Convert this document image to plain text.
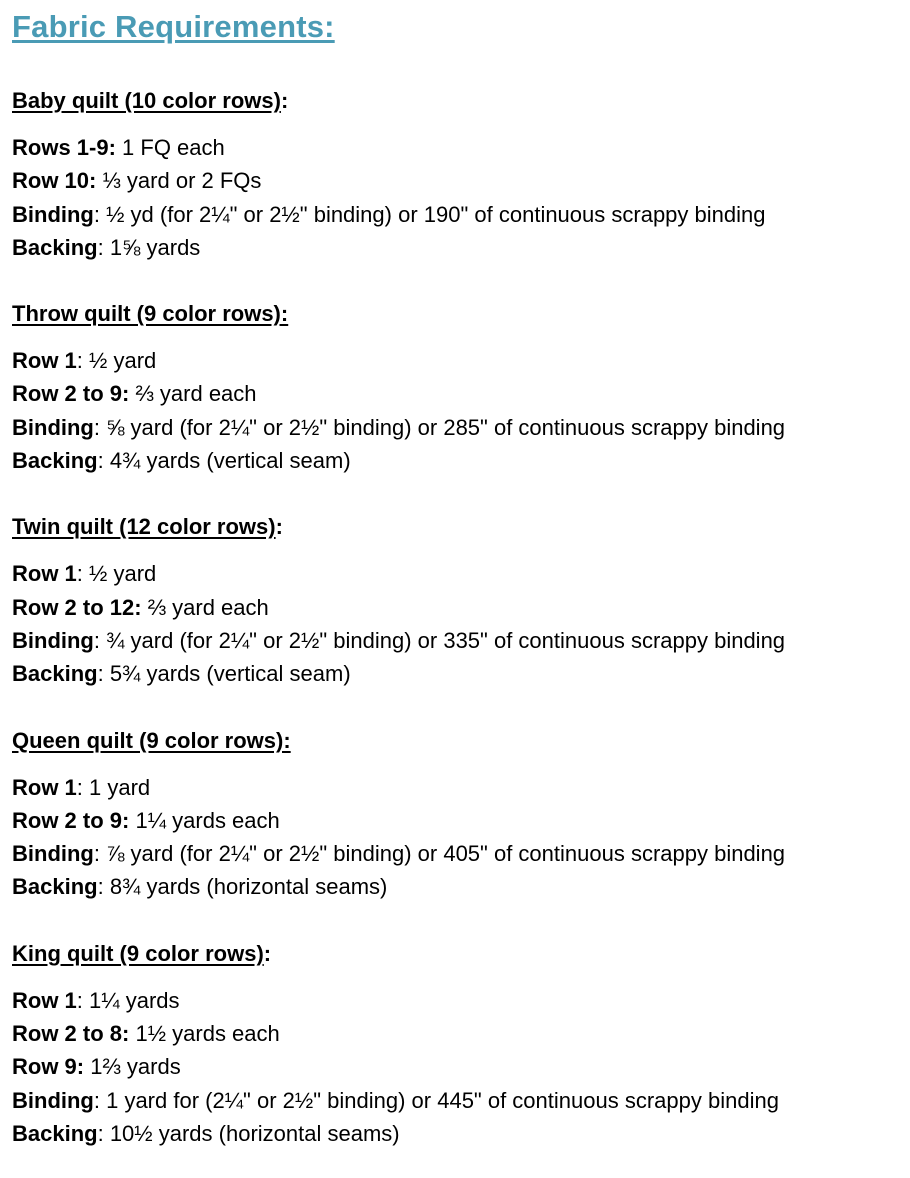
Fabric Requirements:
Baby quilt (10 color rows):
Rows 1-9: 1 FQ each
Row 10: ⅓ yard or 2 FQs
Binding: ½ yd (for 2¼" or 2½" binding) or 190" of continuous scrappy binding
Backing: 1⅝ yards
Throw quilt (9 color rows):
Row 1: ½ yard
Row 2 to 9: ⅔ yard each
Binding: ⅝ yard (for 2¼" or 2½" binding) or 285" of continuous scrappy binding
Backing: 4¾ yards (vertical seam)
Twin quilt (12 color rows):
Row 1: ½ yard
Row 2 to 12: ⅔ yard each
Binding: ¾ yard (for 2¼" or 2½" binding) or 335" of continuous scrappy binding
Backing: 5¾ yards (vertical seam)
Queen quilt (9 color rows):
Row 1: 1 yard
Row 2 to 9: 1¼ yards each
Binding: ⅞ yard (for 2¼" or 2½" binding) or 405" of continuous scrappy binding
Backing: 8¾ yards (horizontal seams)
King quilt (9 color rows):
Row 1: 1¼ yards
Row 2 to 8: 1½ yards each
Row 9: 1⅔ yards
Binding: 1 yard for (2¼" or 2½" binding) or 445" of continuous scrappy binding
Backing: 10½ yards (horizontal seams)
